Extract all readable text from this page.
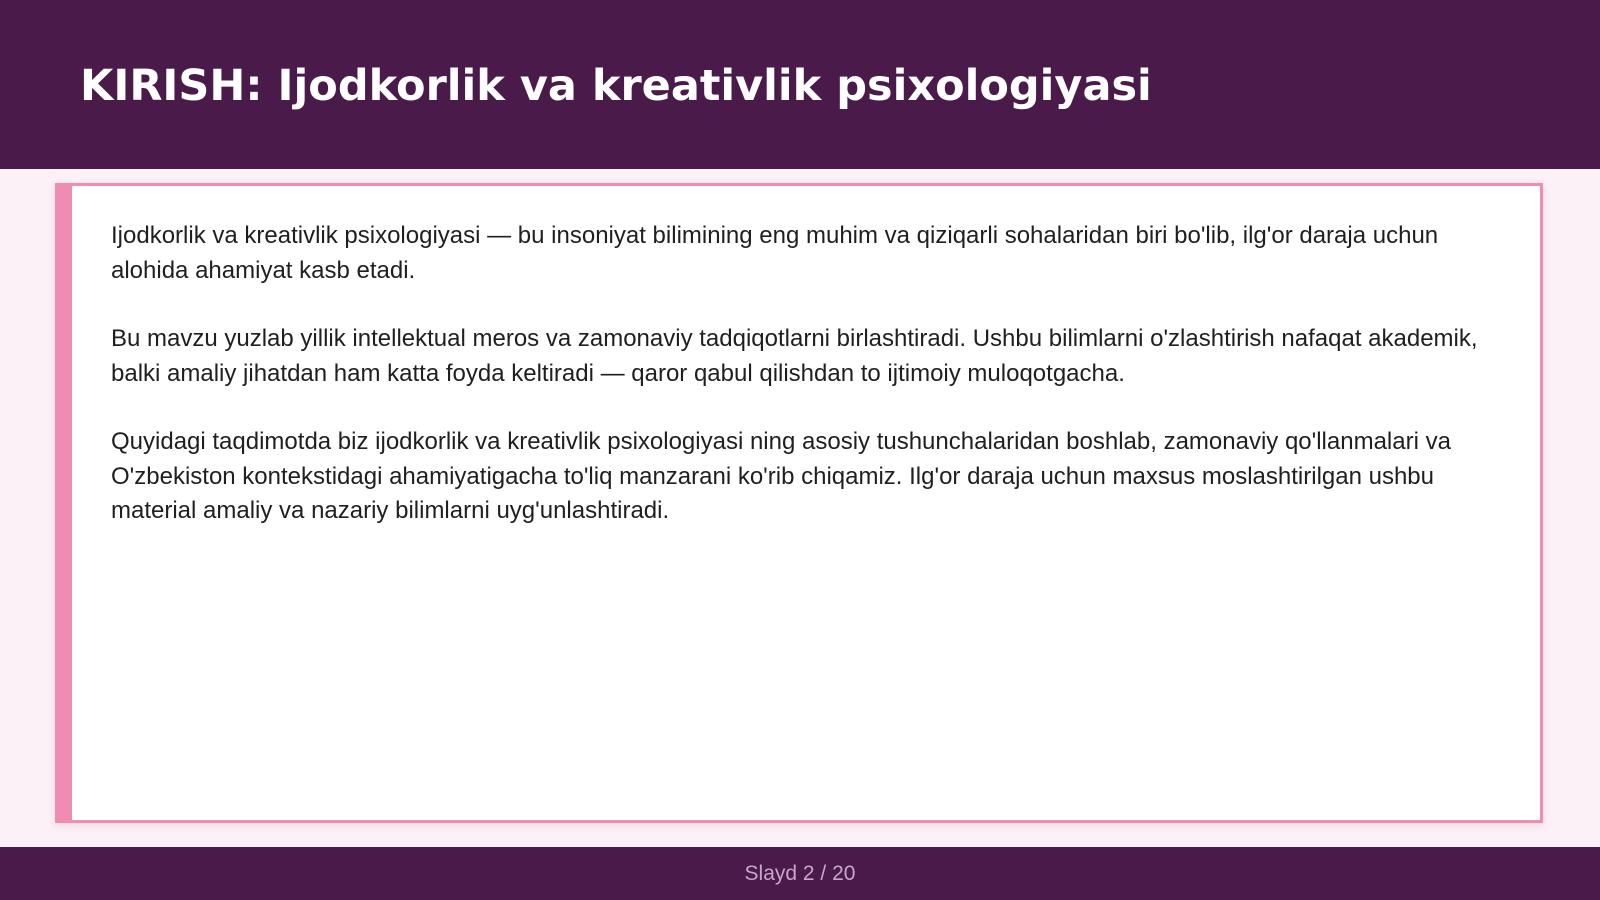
KIRISH: Ijodkorlik va kreativlik psixologiyasi

Ijodkorlik va kreativlik psixologiyasi — bu insoniyat bilimining eng muhim va qiziqarli sohalaridan biri bo'lib, ilg'or daraja uchun alohida ahamiyat kasb etadi.

Bu mavzu yuzlab yillik intellektual meros va zamonaviy tadqiqotlarni birlashtiradi. Ushbu bilimlarni o'zlashtirish nafaqat akademik, balki amaliy jihatdan ham katta foyda keltiradi — qaror qabul qilishdan to ijtimoiy muloqotgacha.

Quyidagi taqdimotda biz ijodkorlik va kreativlik psixologiyasi ning asosiy tushunchalaridan boshlab, zamonaviy qo'llanmalari va O'zbekiston kontekstidagi ahamiyatigacha to'liq manzarani ko'rib chiqamiz. Ilg'or daraja uchun maxsus moslashtirilgan ushbu material amaliy va nazariy bilimlarni uyg'unlashtiradi.

Slayd 2 / 20
